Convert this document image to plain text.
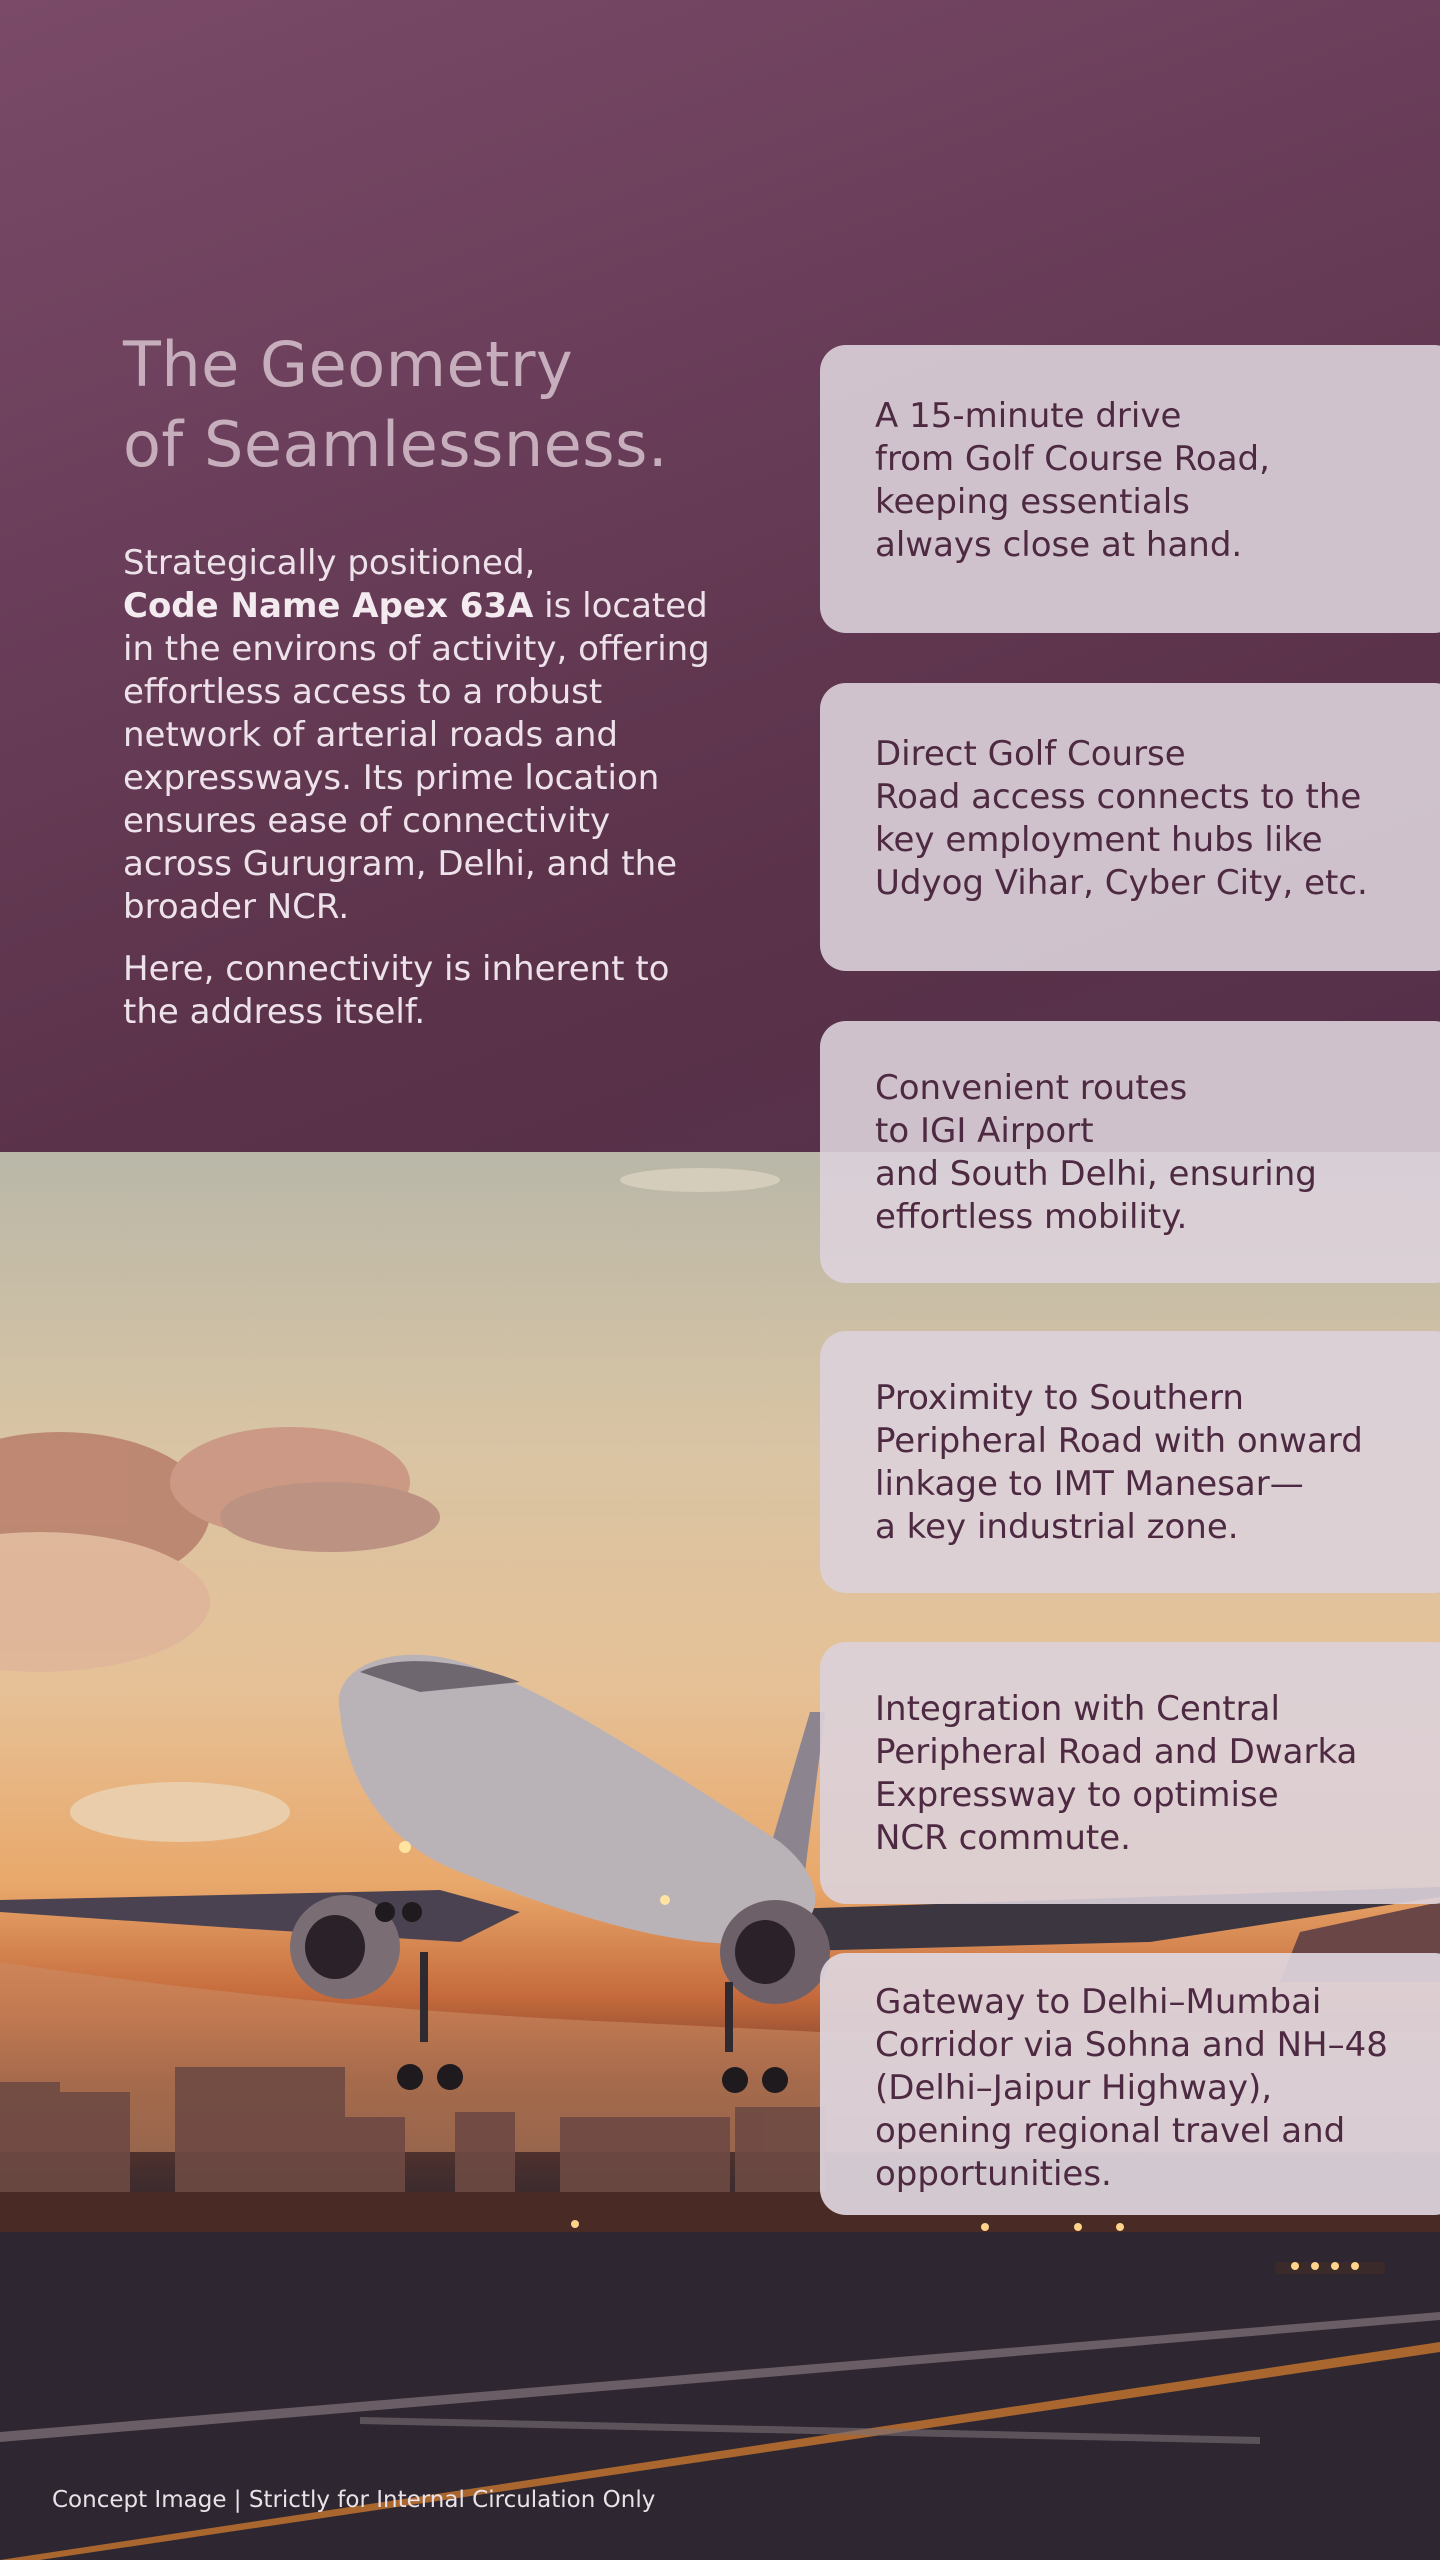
The Geometry
of Seamlessness.

Strategically positioned,
Code Name Apex 63A is located in the environs of activity, offering effortless access to a robust network of arterial roads and expressways. Its prime location ensures ease of connectivity across Gurugram, Delhi, and the broader NCR.

Here, connectivity is inherent to the address itself.

A 15-minute drive
from Golf Course Road,
keeping essentials
always close at hand.

Direct Golf Course
Road access connects to the
key employment hubs like
Udyog Vihar, Cyber City, etc.

Convenient routes
to IGI Airport
and South Delhi, ensuring
effortless mobility.

Proximity to Southern
Peripheral Road with onward
linkage to IMT Manesar—
a key industrial zone.

Integration with Central
Peripheral Road and Dwarka
Expressway to optimise
NCR commute.

Gateway to Delhi–Mumbai
Corridor via Sohna and NH–48
(Delhi–Jaipur Highway),
opening regional travel and
opportunities.

Concept Image | Strictly for Internal Circulation Only
